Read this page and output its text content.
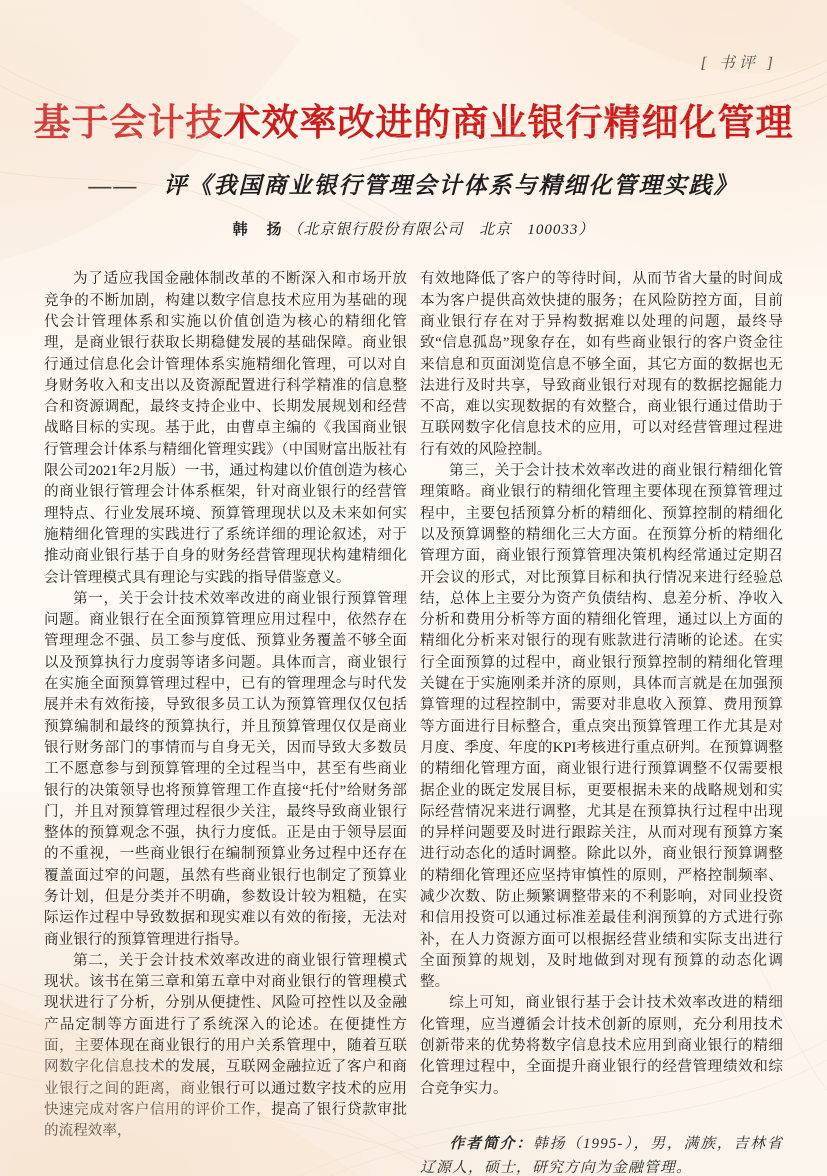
[ 书评 ]
基于会计技术效率改进的商业银行精细化管理
——　评《我国商业银行管理会计体系与精细化管理实践》
韩　扬 （北京银行股份有限公司　北京　100033）

为了适应我国金融体制改革的不断深入和市场开放竞争的不断加剧，构建以数字信息技术应用为基础的现代会计管理体系和实施以价值创造为核心的精细化管理，是商业银行获取长期稳健发展的基础保障。商业银行通过信息化会计管理体系实施精细化管理，可以对自身财务收入和支出以及资源配置进行科学精准的信息整合和资源调配，最终支持企业中、长期发展规划和经营战略目标的实现。基于此，由曹卓主编的《我国商业银行管理会计体系与精细化管理实践》（中国财富出版社有限公司2021年2月版）一书，通过构建以价值创造为核心的商业银行管理会计体系框架，针对商业银行的经营管理特点、行业发展环境、预算管理现状以及未来如何实施精细化管理的实践进行了系统详细的理论叙述，对于推动商业银行基于自身的财务经营管理现状构建精细化会计管理模式具有理论与实践的指导借鉴意义。

第一，关于会计技术效率改进的商业银行预算管理问题。商业银行在全面预算管理应用过程中，依然存在管理理念不强、员工参与度低、预算业务覆盖不够全面以及预算执行力度弱等诸多问题。具体而言，商业银行在实施全面预算管理过程中，已有的管理理念与时代发展并未有效衔接，导致很多员工认为预算管理仅仅包括预算编制和最终的预算执行，并且预算管理仅仅是商业银行财务部门的事情而与自身无关，因而导致大多数员工不愿意参与到预算管理的全过程当中，甚至有些商业银行的决策领导也将预算管理工作直接“托付”给财务部门，并且对预算管理过程很少关注，最终导致商业银行整体的预算观念不强，执行力度低。正是由于领导层面的不重视，一些商业银行在编制预算业务过程中还存在覆盖面过窄的问题，虽然有些商业银行也制定了预算业务计划，但是分类并不明确，参数设计较为粗糙，在实际运作过程中导致数据和现实难以有效的衔接，无法对商业银行的预算管理进行指导。

第二，关于会计技术效率改进的商业银行管理模式现状。该书在第三章和第五章中对商业银行的管理模式现状进行了分析，分别从便捷性、风险可控性以及金融产品定制等方面进行了系统深入的论述。在便捷性方面，主要体现在商业银行的用户关系管理中，随着互联网数字化信息技术的发展，互联网金融拉近了客户和商业银行之间的距离，商业银行可以通过数字技术的应用快速完成对客户信用的评价工作，提高了银行贷款审批的流程效率，

有效地降低了客户的等待时间，从而节省大量的时间成本为客户提供高效快捷的服务；在风险防控方面，目前商业银行存在对于异构数据难以处理的问题，最终导致“信息孤岛”现象存在，如有些商业银行的客户资金往来信息和页面浏览信息不够全面，其它方面的数据也无法进行及时共享，导致商业银行对现有的数据挖掘能力不高，难以实现数据的有效整合，商业银行通过借助于互联网数字化信息技术的应用，可以对经营管理过程进行有效的风险控制。

第三，关于会计技术效率改进的商业银行精细化管理策略。商业银行的精细化管理主要体现在预算管理过程中，主要包括预算分析的精细化、预算控制的精细化以及预算调整的精细化三大方面。在预算分析的精细化管理方面，商业银行预算管理决策机构经常通过定期召开会议的形式，对比预算目标和执行情况来进行经验总结，总体上主要分为资产负债结构、息差分析、净收入分析和费用分析等方面的精细化管理，通过以上方面的精细化分析来对银行的现有账款进行清晰的论述。在实行全面预算的过程中，商业银行预算控制的精细化管理关键在于实施刚柔并济的原则，具体而言就是在加强预算管理的过程控制中，需要对非息收入预算、费用预算等方面进行目标整合，重点突出预算管理工作尤其是对月度、季度、年度的KPI考核进行重点研判。在预算调整的精细化管理方面，商业银行进行预算调整不仅需要根据企业的既定发展目标，更要根据未来的战略规划和实际经营情况来进行调整，尤其是在预算执行过程中出现的异样问题要及时进行跟踪关注，从而对现有预算方案进行动态化的适时调整。除此以外，商业银行预算调整的精细化管理还应坚持审慎性的原则，严格控制频率、减少次数、防止频繁调整带来的不利影响，对同业投资和信用投资可以通过标准差最佳利润预算的方式进行弥补，在人力资源方面可以根据经营业绩和实际支出进行全面预算的规划，及时地做到对现有预算的动态化调整。

综上可知，商业银行基于会计技术效率改进的精细化管理，应当遵循会计技术创新的原则，充分利用技术创新带来的优势将数字信息技术应用到商业银行的精细化管理过程中，全面提升商业银行的经营管理绩效和综合竞争实力。

作者简介：韩扬（1995-），男，满族，吉林省辽源人，硕士，研究方向为金融管理。
